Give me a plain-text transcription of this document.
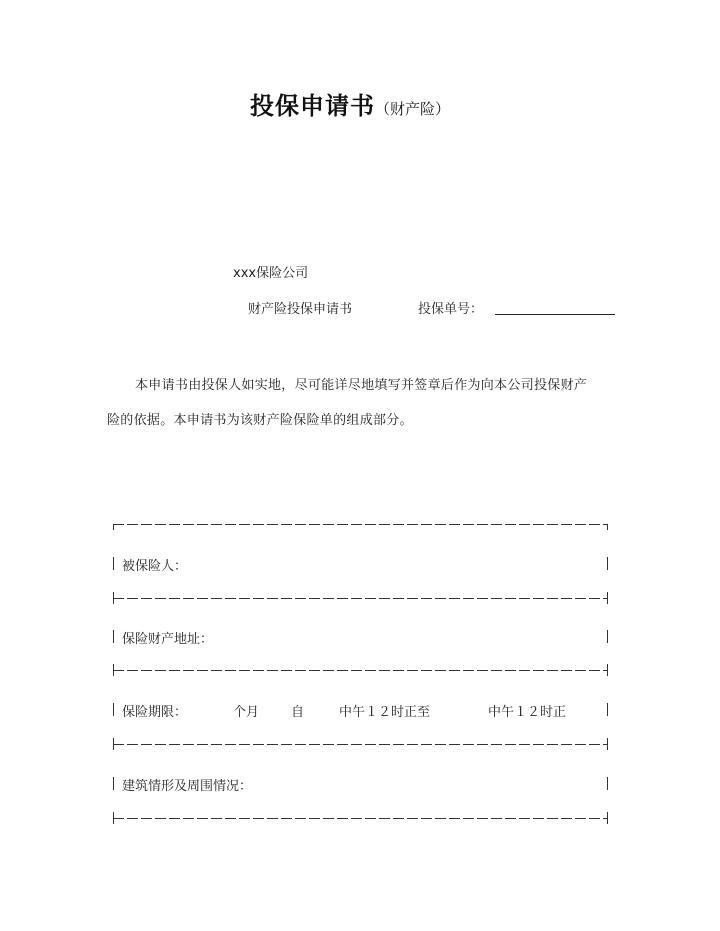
投保申请书（财产险）
xxx保险公司
财产险投保申请书	投保单号：
本申请书由投保人如实地，尽可能详尽地填写并签章后作为向本公司投保财产
险的依据。本申请书为该财产险保险单的组成部分。
被保险人：
保险财产地址：
保险期限：	个月 自	中午１２时正至	中午１２时正
建筑情形及周围情况：
